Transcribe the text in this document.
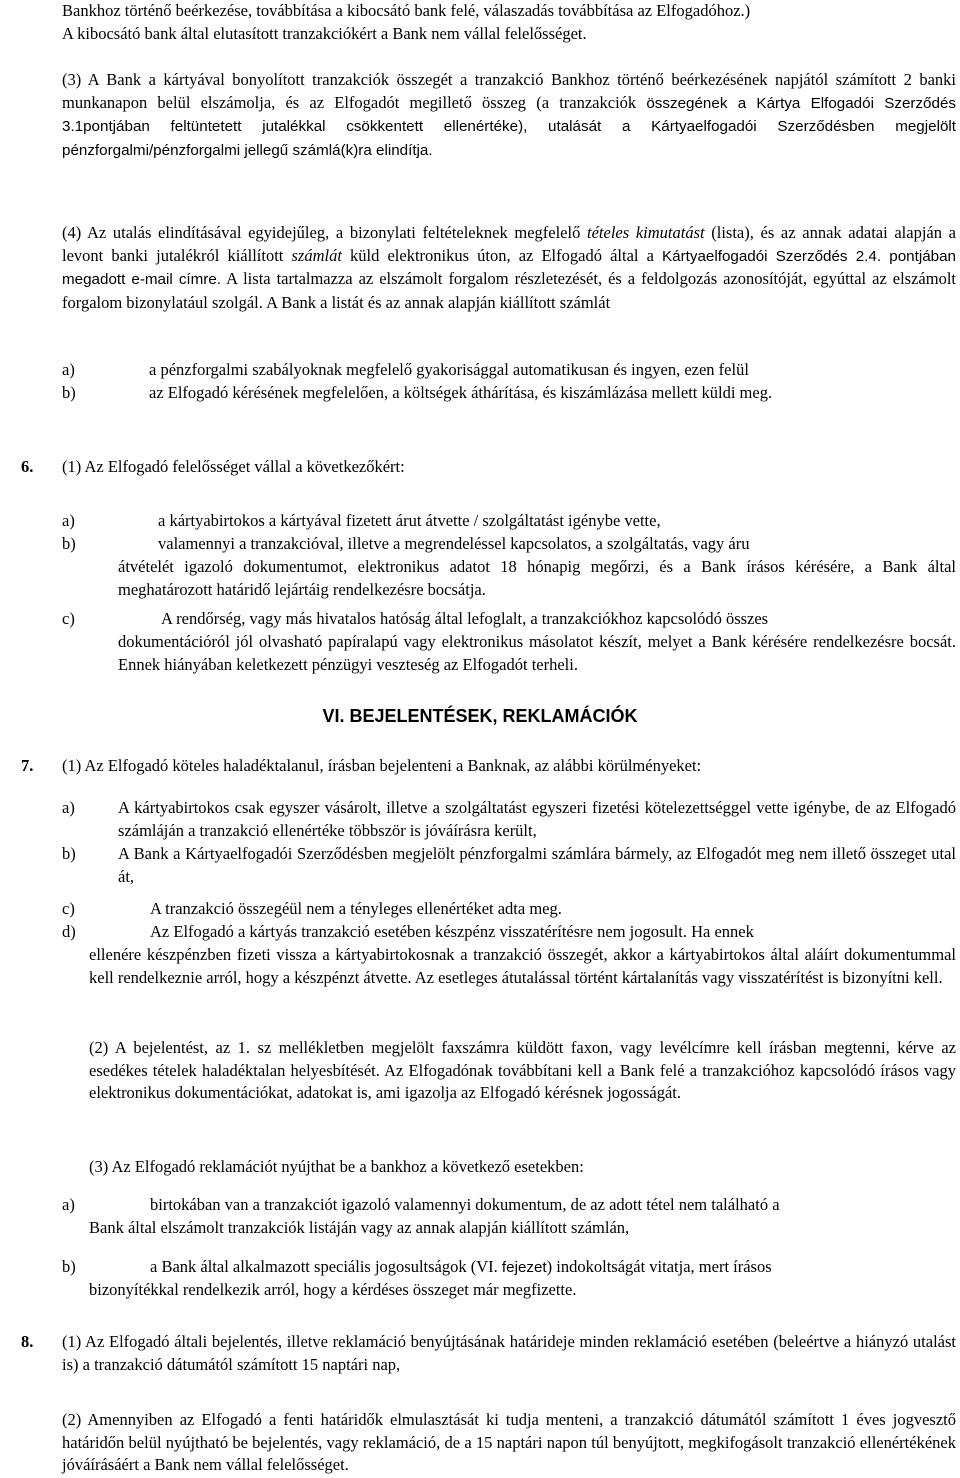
Bankhoz történő beérkezése, továbbítása a kibocsátó bank felé, válaszadás továbbítása az Elfogadóhoz.)
A kibocsátó bank által elutasított tranzakciókért a Bank nem vállal felelősséget.
(3) A Bank a kártyával bonyolított tranzakciók összegét a tranzakció Bankhoz történő beérkezésének napjától számított 2 banki munkanapon belül elszámolja, és az Elfogadót megillető összeg (a tranzakciók összegének a Kártya Elfogadói Szerződés 3.1pontjában feltüntetett jutalékkal csökkentett ellenértéke), utalását a Kártyaelfogadói Szerződésben megjelölt pénzforgalmi/pénzforgalmi jellegű számlá(k)ra elindítja.
(4) Az utalás elindításával egyidejűleg, a bizonylati feltételeknek megfelelő tételes kimutatást (lista), és az annak adatai alapján a levont banki jutalékról kiállított számlát küld elektronikus úton, az Elfogadó által a Kártyaelfogadói Szerződés 2.4. pontjában megadott e-mail címre. A lista tartalmazza az elszámolt forgalom részletezését, és a feldolgozás azonosítóját, egyúttal az elszámolt forgalom bizonylatául szolgál. A Bank a listát és az annak alapján kiállított számlát
a)	a pénzforgalmi szabályoknak megfelelő gyakorisággal automatikusan és ingyen, ezen felül
b)	az Elfogadó kérésének megfelelően, a költségek áthárítása, és kiszámlázása mellett küldi meg.
6. (1) Az Elfogadó felelősséget vállal a következőkért:
a)	a kártyabirtokos a kártyával fizetett árut átvette / szolgáltatást igénybe vette,
b)	valamennyi a tranzakcióval, illetve a megrendeléssel kapcsolatos, a szolgáltatás, vagy áru
átvételét igazoló dokumentumot, elektronikus adatot 18 hónapig megőrzi, és a Bank írásos kérésére, a Bank által meghatározott határidő lejártáig rendelkezésre bocsátja.
c)	A rendőrség, vagy más hivatalos hatóság által lefoglalt, a tranzakciókhoz kapcsolódó összes
dokumentációról jól olvasható papíralapú vagy elektronikus másolatot készít, melyet a Bank kérésére rendelkezésre bocsát. Ennek hiányában keletkezett pénzügyi veszteség az Elfogadót terheli.
VI. BEJELENTÉSEK, REKLAMÁCIÓK
7. (1) Az Elfogadó köteles haladéktalanul, írásban bejelenteni a Banknak, az alábbi körülményeket:
a)	A kártyabirtokos csak egyszer vásárolt, illetve a szolgáltatást egyszeri fizetési kötelezettséggel vette igénybe, de az Elfogadó számláján a tranzakció ellenértéke többször is jóváírásra került,
b)	A Bank a Kártyaelfogadói Szerződésben megjelölt pénzforgalmi számlára bármely, az Elfogadót meg nem illető összeget utal át,
c)	A tranzakció összegéül nem a tényleges ellenértéket adta meg.
d)	Az Elfogadó a kártyás tranzakció esetében készpénz visszatérítésre nem jogosult. Ha ennek
ellenére készpénzben fizeti vissza a kártyabirtokosnak a tranzakció összegét, akkor a kártyabirtokos által aláírt dokumentummal kell rendelkeznie arról, hogy a készpénzt átvette. Az esetleges átutalással történt kártalanítás vagy visszatérítést is bizonyítni kell.
(2) A bejelentést, az 1. sz mellékletben megjelölt faxszámra küldött faxon, vagy levélcímre kell írásban megtenni, kérve az esedékes tételek haladéktalan helyesbítését. Az Elfogadónak továbbítani kell a Bank felé a tranzakcióhoz kapcsolódó írásos vagy elektronikus dokumentációkat, adatokat is, ami igazolja az Elfogadó kérésnek jogosságát.
(3) Az Elfogadó reklamációt nyújthat be a bankhoz a következő esetekben:
birtokában van a tranzakciót igazoló valamennyi dokumentum, de az adott tétel nem található a
a)
Bank által elszámolt tranzakciók listáján vagy az annak alapján kiállított számlán,
b)	a Bank által alkalmazott speciális jogosultságok (VI. fejezet) indokoltságát vitatja, mert írásos
bizonyítékkal rendelkezik arról, hogy a kérdéses összeget már megfizette.
8. (1) Az Elfogadó általi bejelentés, illetve reklamáció benyújtásának határideje minden reklamáció esetében (beleértve a hiányzó utalást is) a tranzakció dátumától számított 15 naptári nap,
(2) Amennyiben az Elfogadó a fenti határidők elmulasztását ki tudja menteni, a tranzakció dátumától számított 1 éves jogvesztő határidőn belül nyújtható be bejelentés, vagy reklamáció, de a 15 naptári napon túl benyújtott, megkifogásolt tranzakció ellenértékének jóváírásáért a Bank nem vállal felelősséget.
